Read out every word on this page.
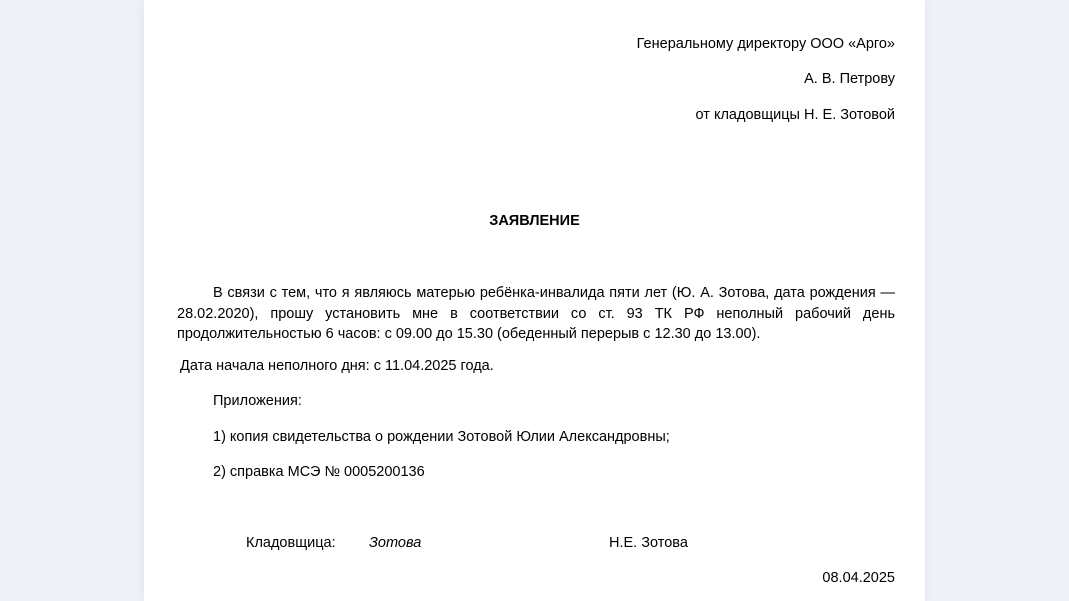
Генеральному директору ООО «Арго»
А. В. Петрову
от кладовщицы Н. Е. Зотовой
ЗАЯВЛЕНИЕ
В связи с тем, что я являюсь матерью ребёнка-инвалида пяти лет (Ю. А. Зотова, дата рождения — 28.02.2020), прошу установить мне в соответствии со ст. 93 ТК РФ неполный рабочий день продолжительностью 6 часов: с 09.00 до 15.30 (обеденный перерыв с 12.30 до 13.00).
Дата начала неполного дня: с 11.04.2025 года.
Приложения:
1) копия свидетельства о рождении Зотовой Юлии Александровны;
2) справка МСЭ № 0005200136
Кладовщица: Зотова	Н.Е. Зотова
08.04.2025
